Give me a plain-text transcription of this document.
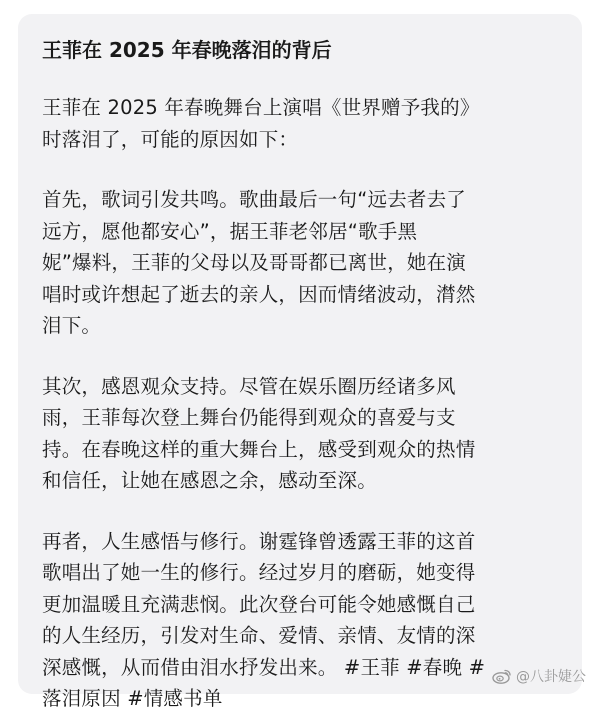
王菲在 2025 年春晚落泪的背后
王菲在 2025 年春晚舞台上演唱《世界赠予我的》
时落泪了，可能的原因如下：
首先，歌词引发共鸣。歌曲最后一句“远去者去了
远方，愿他都安心”，据王菲老邻居“歌手黑
妮”爆料，王菲的父母以及哥哥都已离世，她在演
唱时或许想起了逝去的亲人，因而情绪波动，潸然
泪下。
其次，感恩观众支持。尽管在娱乐圈历经诸多风
雨，王菲每次登上舞台仍能得到观众的喜爱与支
持。在春晚这样的重大舞台上，感受到观众的热情
和信任，让她在感恩之余，感动至深。
再者，人生感悟与修行。谢霆锋曾透露王菲的这首
歌唱出了她一生的修行。经过岁月的磨砺，她变得
更加温暖且充满悲悯。此次登台可能令她感慨自己
的人生经历，引发对生命、爱情、亲情、友情的深
深感慨，从而借由泪水抒发出来。 #王菲 #春晚 #
落泪原因 #情感书单
@八卦婕公
